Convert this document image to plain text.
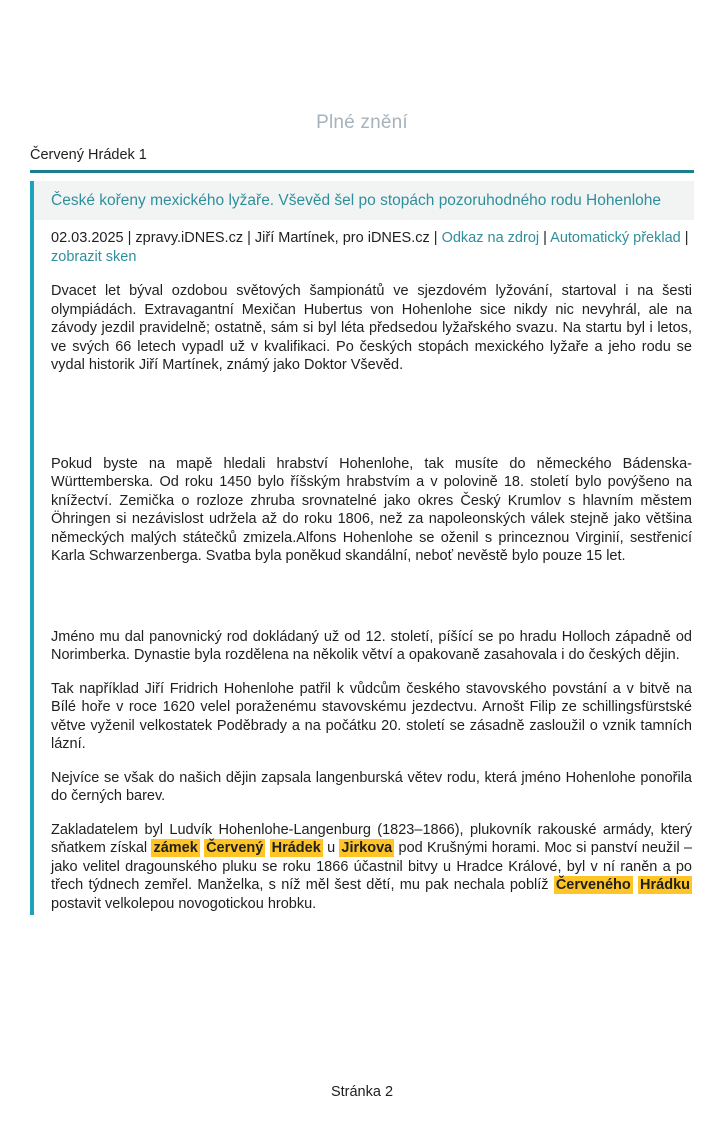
Plné znění
Červený Hrádek 1
České kořeny mexického lyžaře. Vševěd šel po stopách pozoruhodného rodu Hohenlohe
02.03.2025 | zpravy.iDNES.cz | Jiří Martínek, pro iDNES.cz | Odkaz na zdroj | Automatický překlad | zobrazit sken

Dvacet let býval ozdobou světových šampionátů ve sjezdovém lyžování, startoval i na šesti olympiádách. Extravagantní Mexičan Hubertus von Hohenlohe sice nikdy nic nevyhrál, ale na závody jezdil pravidelně; ostatně, sám si byl léta předsedou lyžařského svazu. Na startu byl i letos, ve svých 66 letech vypadl už v kvalifikaci. Po českých stopách mexického lyžaře a jeho rodu se vydal historik Jiří Martínek, známý jako Doktor Vševěd.

Pokud byste na mapě hledali hrabství Hohenlohe, tak musíte do německého Bádenska-Württemberska. Od roku 1450 bylo říšským hrabstvím a v polovině 18. století bylo povýšeno na knížectví. Zemička o rozloze zhruba srovnatelné jako okres Český Krumlov s hlavním městem Öhringen si nezávislost udržela až do roku 1806, než za napoleonských válek stejně jako většina německých malých státečků zmizela.Alfons Hohenlohe se oženil s princeznou Virginií, sestřenicí Karla Schwarzenberga. Svatba byla poněkud skandální, neboť nevěstě bylo pouze 15 let.

Jméno mu dal panovnický rod dokládaný už od 12. století, píšící se po hradu Holloch západně od Norimberka. Dynastie byla rozdělena na několik větví a opakovaně zasahovala i do českých dějin.

Tak například Jiří Fridrich Hohenlohe patřil k vůdcům českého stavovského povstání a v bitvě na Bílé hoře v roce 1620 velel poraženému stavovskému jezdectvu. Arnošt Filip ze schillingsfürstské větve vyženil velkostatek Poděbrady a na počátku 20. století se zásadně zasloužil o vznik tamních lázní.

Nejvíce se však do našich dějin zapsala langenburská větev rodu, která jméno Hohenlohe ponořila do černých barev.

Zakladatelem byl Ludvík Hohenlohe-Langenburg (1823–1866), plukovník rakouské armády, který sňatkem získal zámek Červený Hrádek u Jirkova pod Krušnými horami. Moc si panství neužil – jako velitel dragounského pluku se roku 1866 účastnil bitvy u Hradce Králové, byl v ní raněn a po třech týdnech zemřel. Manželka, s níž měl šest dětí, mu pak nechala poblíž Červeného Hrádku postavit velkolepou novogotickou hrobku.

Stránka 2
